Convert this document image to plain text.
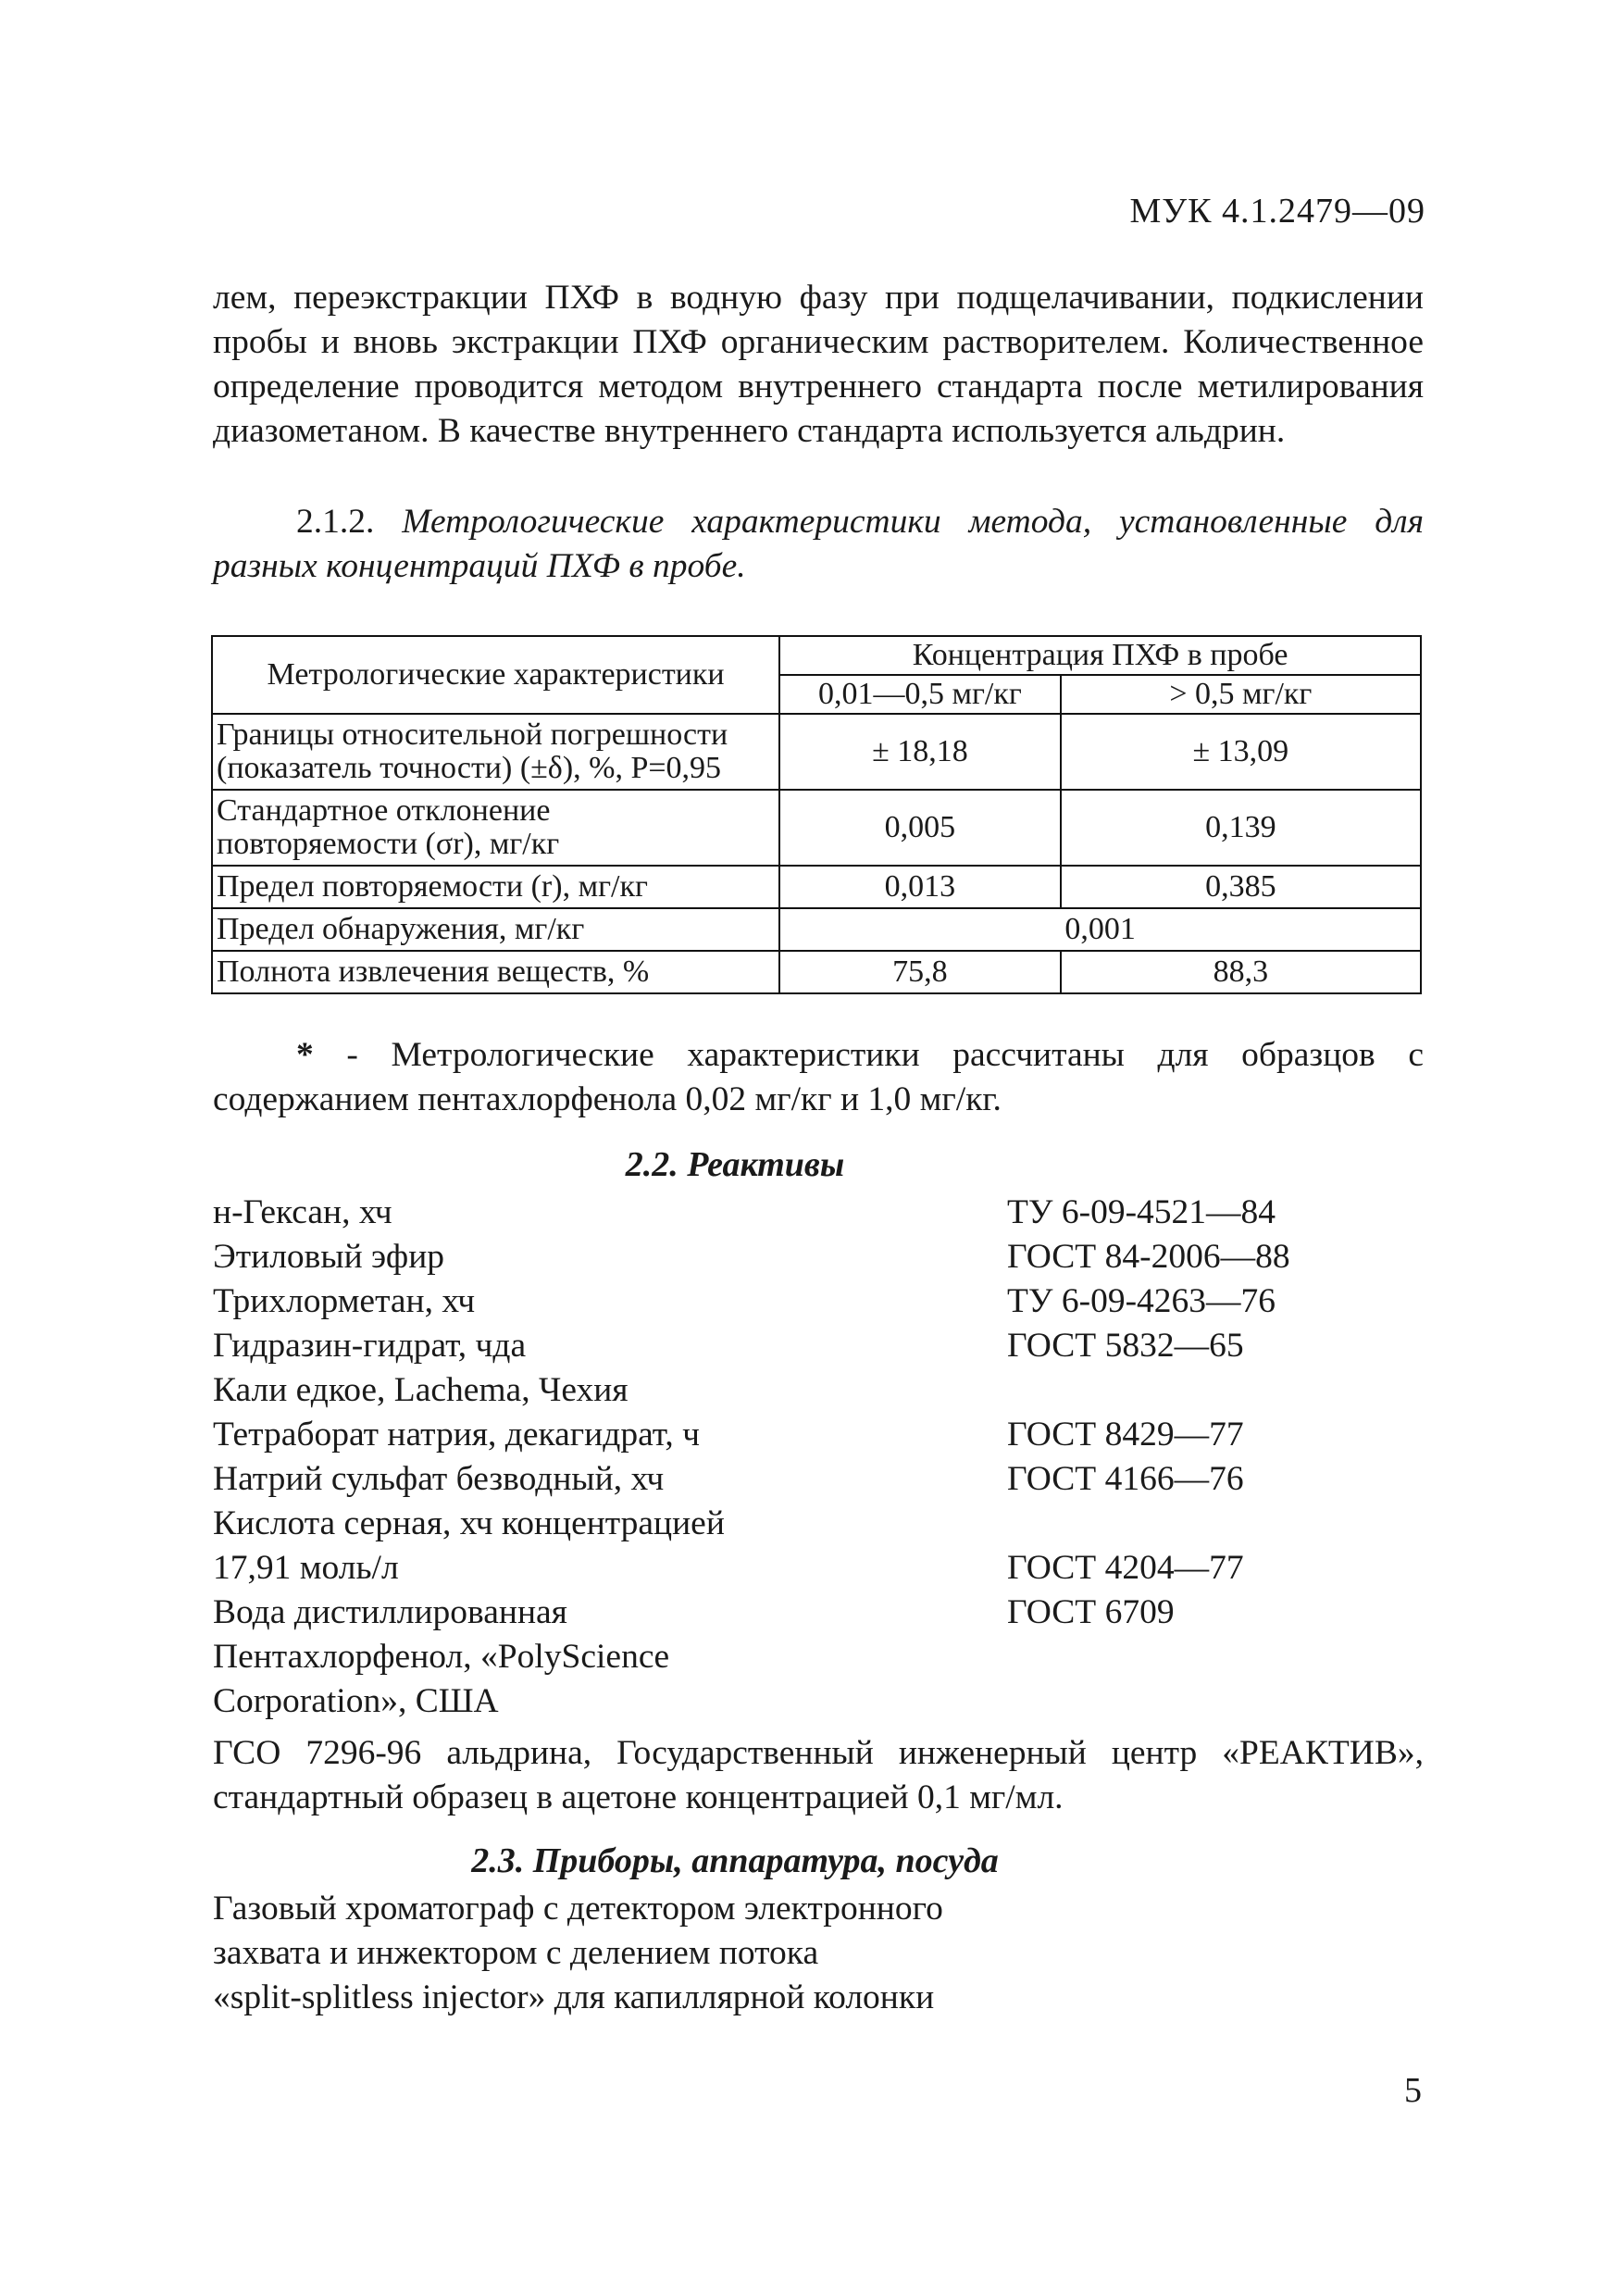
МУК 4.1.2479—09
лем, переэкстракции ПХФ в водную фазу при подщелачивании, подкислении пробы и вновь экстракции ПХФ органическим растворителем. Количественное определение проводится методом внутреннего стандарта после метилирования диазометаном. В качестве внутреннего стандарта используется альдрин.
2.1.2. Метрологические характеристики метода, установленные для разных концентраций ПХФ в пробе.
Метрологические характеристики	Концентрация ПХФ в пробе	
	0,01—0,5 мг/кг	> 0,5 мг/кг

Границы относительной погрешности
(показатель точности) (±δ), %, P=0,95	± 18,18	± 13,09

Стандартное отклонение
повторяемости (σr), мг/кг	0,005	0,139
Предел повторяемости (r), мг/кг	0,013	0,385
Предел обнаружения, мг/кг	0,001	
Полнота извлечения веществ, %	75,8	88,3
* - Метрологические характеристики рассчитаны для образцов с содержанием пентахлорфенола 0,02 мг/кг и 1,0 мг/кг.
2.2. Реактивы
н-Гексан, хч	ТУ 6-09-4521—84
Этиловый эфир	ГОСТ 84-2006—88
Трихлорметан, хч	ТУ 6-09-4263—76
Гидразин-гидрат, чда	ГОСТ 5832—65
Кали едкое, Lachema, Чехия
Тетраборат натрия, декагидрат, ч	ГОСТ 8429—77
Натрий сульфат безводный, хч	ГОСТ 4166—76
Кислота серная, хч концентрацией
17,91 моль/л	ГОСТ 4204—77
Вода дистиллированная	ГОСТ 6709
Пентахлорфенол, «PolyScience
Corporation», США
ГСО 7296-96 альдрина, Государственный инженерный центр «РЕАКТИВ», стандартный образец в ацетоне концентрацией 0,1 мг/мл.
2.3. Приборы, аппаратура, посуда
Газовый хроматограф с детектором электронного
захвата и инжектором с делением потока
«split-splitless injector» для капиллярной колонки
5
